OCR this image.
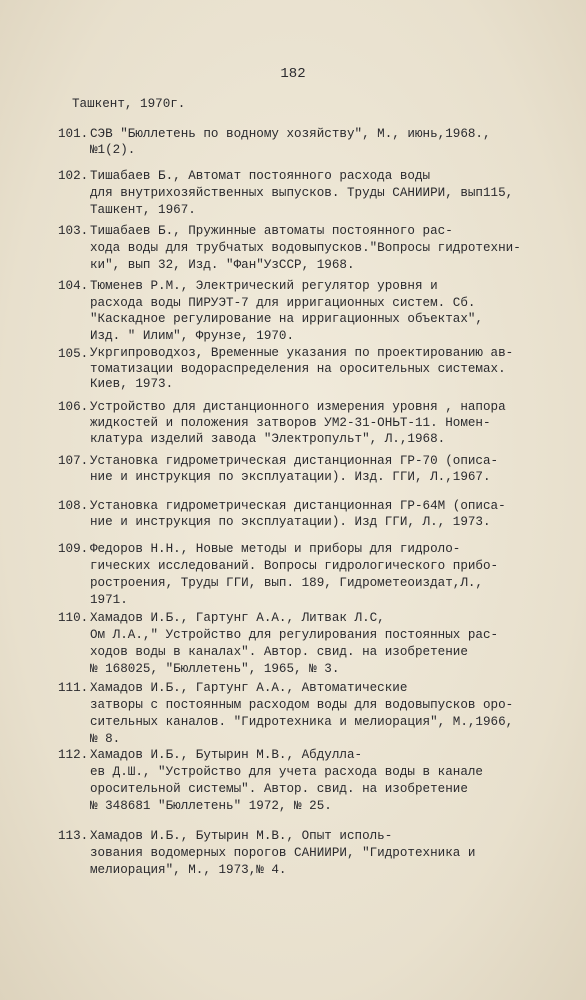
182
Ташкент, 1970г.
101. СЭВ "Бюллетень по водному хозяйству", М., июнь,1968.,
№1(2).
102. Тишабаев Б., Автомат постоянного расхода воды
для внутрихозяйственных выпусков. Труды САНИИРИ, вып115,
Ташкент, 1967.
103. Тишабаев Б., Пружинные автоматы постоянного рас-
хода воды для трубчатых водовыпусков."Вопросы гидротехни-
ки", вып 32, Изд. "Фан"УзССР, 1968.
104. Тюменев Р.М., Электрический регулятор уровня и
расхода воды ПИРУЭТ-7 для ирригационных систем. Сб.
"Каскадное регулирование на ирригационных объектах",
Изд. " Илим", Фрунзе, 1970.
105. Укргипроводхоз, Временные указания по проектированию ав-
томатизации водораспределения на оросительных системах.
Киев, 1973.
106. Устройство для дистанционного измерения уровня , напора
жидкостей и положения затворов УМ2-31-ОНЬТ-11. Номен-
клатура изделий завода "Электропульт", Л.,1968.
107. Установка гидрометрическая дистанционная ГР-70 (описа-
ние и инструкция по эксплуатации). Изд. ГГИ, Л.,1967.
108. Установка гидрометрическая дистанционная ГР-64М (описа-
ние и инструкция по эксплуатации). Изд ГГИ, Л., 1973.
109. Федоров Н.Н., Новые методы и приборы для гидроло-
гических исследований. Вопросы гидрологического прибо-
ростроения, Труды ГГИ, вып. 189, Гидрометеоиздат,Л.,
1971.
110. Хамадов И.Б., Гартунг А.А., Литвак Л.С,
Ом Л.А.," Устройство для регулирования постоянных рас-
ходов воды в каналах". Автор. свид. на изобретение
№ 168025, "Бюллетень", 1965, № 3.
111. Хамадов И.Б., Гартунг А.А., Автоматические
затворы с постоянным расходом воды для водовыпусков оро-
сительных каналов. "Гидротехника и мелиорация", М.,1966,
№ 8.
112. Хамадов И.Б., Бутырин М.В., Абдулла-
ев Д.Ш., "Устройство для учета расхода воды в канале
оросительной системы". Автор. свид. на изобретение
№ 348681 "Бюллетень" 1972, № 25.
113. Хамадов И.Б., Бутырин М.В., Опыт исполь-
зования водомерных порогов САНИИРИ, "Гидротехника и
мелиорация", М., 1973,№ 4.
